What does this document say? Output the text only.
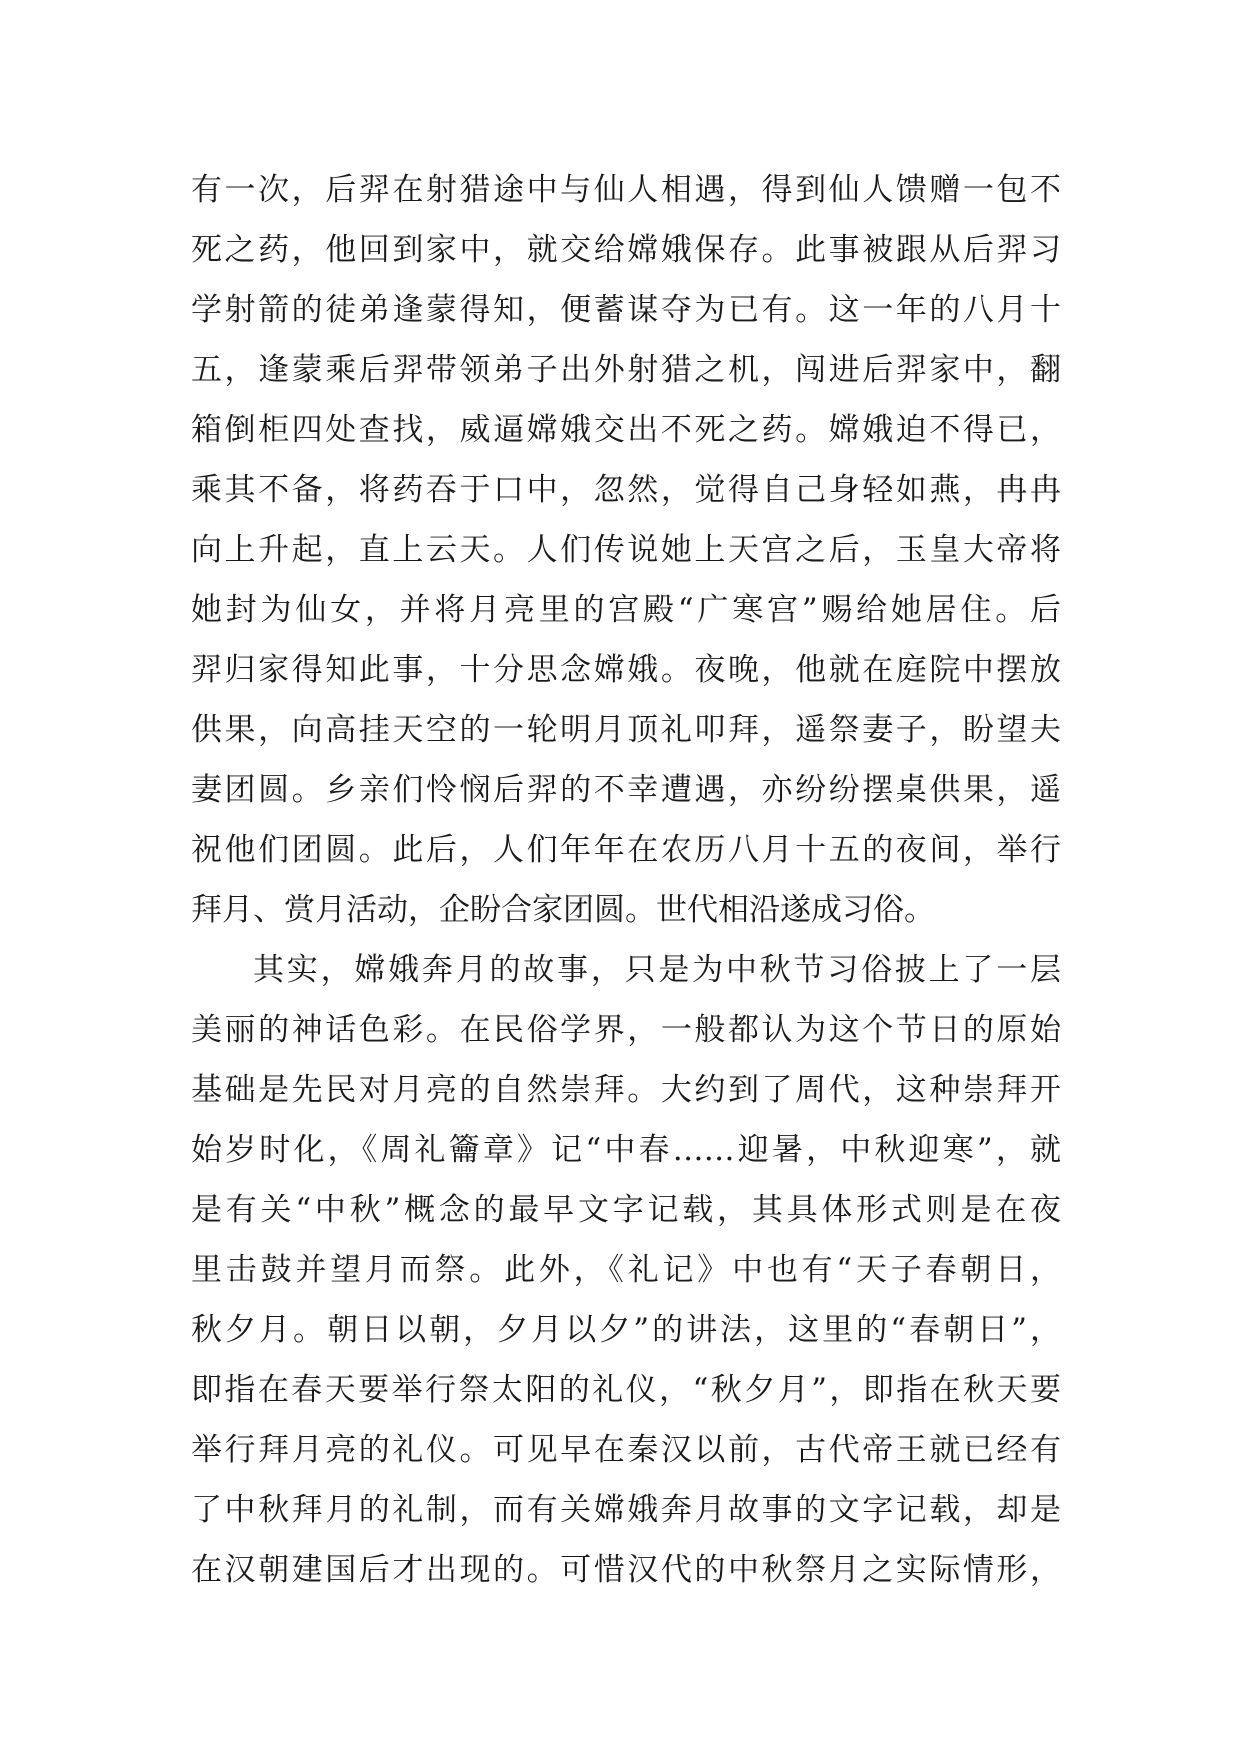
有一次，后羿在射猎途中与仙人相遇，得到仙人馈赠一包不
死之药，他回到家中，就交给嫦娥保存。此事被跟从后羿习
学射箭的徒弟逢蒙得知，便蓄谋夺为已有。这一年的八月十
五，逢蒙乘后羿带领弟子出外射猎之机，闯进后羿家中，翻
箱倒柜四处查找，威逼嫦娥交出不死之药。嫦娥迫不得已，
乘其不备，将药吞于口中，忽然，觉得自己身轻如燕，冉冉
向上升起，直上云天。人们传说她上天宫之后，玉皇大帝将
她封为仙女，并将月亮里的宫殿“广寒宫”赐给她居住。后
羿归家得知此事，十分思念嫦娥。夜晚，他就在庭院中摆放
供果，向高挂天空的一轮明月顶礼叩拜，遥祭妻子，盼望夫
妻团圆。乡亲们怜悯后羿的不幸遭遇，亦纷纷摆桌供果，遥
祝他们团圆。此后，人们年年在农历八月十五的夜间，举行
拜月、赏月活动，企盼合家团圆。世代相沿遂成习俗。
其实，嫦娥奔月的故事，只是为中秋节习俗披上了一层
美丽的神话色彩。在民俗学界，一般都认为这个节日的原始
基础是先民对月亮的自然崇拜。大约到了周代，这种崇拜开
始岁时化，《周礼籥章》记“中春……迎暑，中秋迎寒”，就
是有关“中秋”概念的最早文字记载，其具体形式则是在夜
里击鼓并望月而祭。此外，《礼记》中也有“天子春朝日，
秋夕月。朝日以朝，夕月以夕”的讲法，这里的“春朝日”，
即指在春天要举行祭太阳的礼仪，“秋夕月”，即指在秋天要
举行拜月亮的礼仪。可见早在秦汉以前，古代帝王就已经有
了中秋拜月的礼制，而有关嫦娥奔月故事的文字记载，却是
在汉朝建国后才出现的。可惜汉代的中秋祭月之实际情形，
